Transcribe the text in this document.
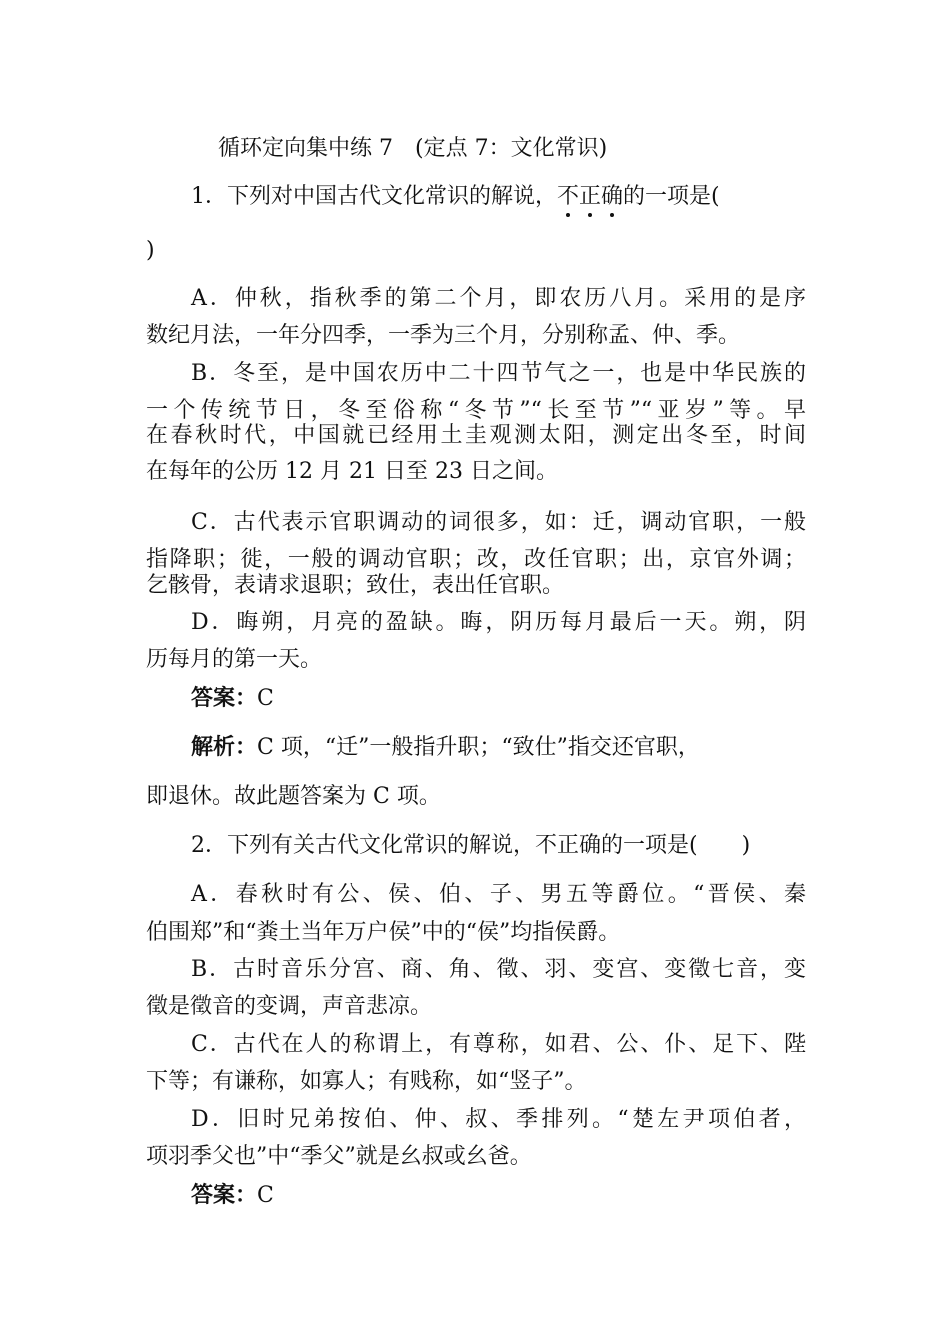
循环定向集中练 7　(定点 7：文化常识)
1．下列对中国古代文化常识的解说，不正确的一项是(
)
A．仲秋，指秋季的第二个月，即农历八月。采用的是序
数纪月法，一年分四季，一季为三个月，分别称孟、仲、季。
B．冬至，是中国农历中二十四节气之一，也是中华民族的
一个传统节日，冬至俗称“冬节”“长至节”“亚岁”等。早
在春秋时代，中国就已经用土圭观测太阳，测定出冬至，时间
在每年的公历 12 月 21 日至 23 日之间。
C．古代表示官职调动的词很多，如：迁，调动官职，一般
指降职；徙，一般的调动官职；改，改任官职；出，京官外调；
乞骸骨，表请求退职；致仕，表出任官职。
D．晦朔，月亮的盈缺。晦，阴历每月最后一天。朔，阴
历每月的第一天。
答案：C
解析：C 项，“迁”一般指升职；“致仕”指交还官职，
即退休。故此题答案为 C 项。
2．下列有关古代文化常识的解说，不正确的一项是(　　)
A．春秋时有公、侯、伯、子、男五等爵位。“晋侯、秦
伯围郑”和“粪土当年万户侯”中的“侯”均指侯爵。
B．古时音乐分宫、商、角、徵、羽、变宫、变徵七音，变
徵是徵音的变调，声音悲凉。
C．古代在人的称谓上，有尊称，如君、公、仆、足下、陛
下等；有谦称，如寡人；有贱称，如“竖子”。
D．旧时兄弟按伯、仲、叔、季排列。“楚左尹项伯者，
项羽季父也”中“季父”就是幺叔或幺爸。
答案：C
